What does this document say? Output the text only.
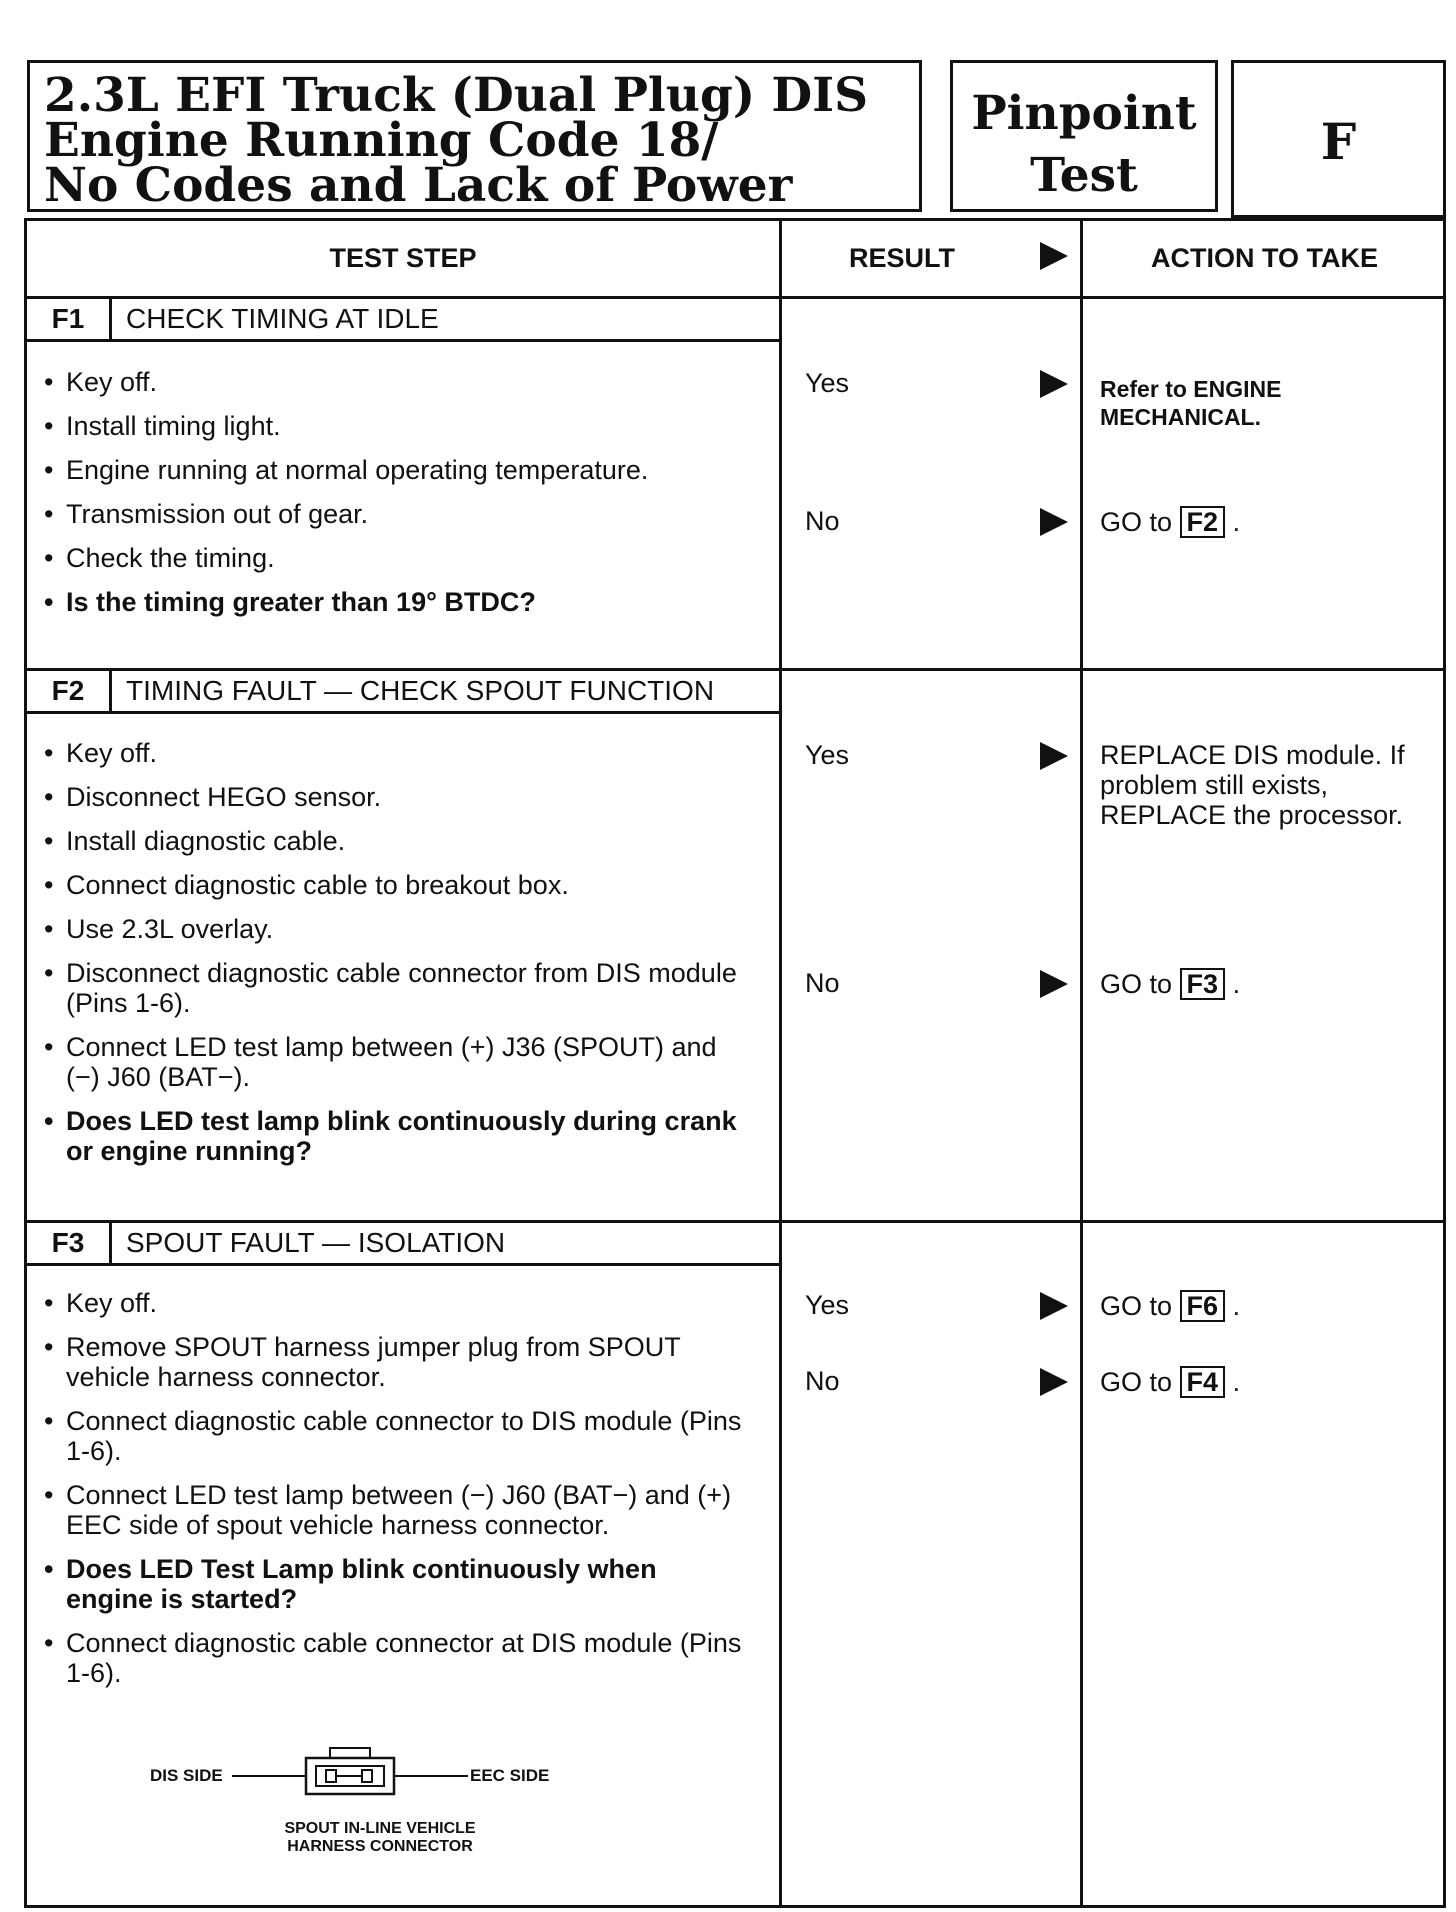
2.3L EFI Truck (Dual Plug) DIS
Engine Running Code 18/
No Codes and Lack of Power
Pinpoint
Test
F
TEST STEP	RESULT	ACTION TO TAKE
F1 CHECK TIMING AT IDLE
• Key off.
• Install timing light.
• Engine running at normal operating temperature.
• Transmission out of gear.
• Check the timing.
• Is the timing greater than 19° BTDC?
Yes	Refer to ENGINE MECHANICAL.
No	GO to F2 .
F2 TIMING FAULT — CHECK SPOUT FUNCTION
• Key off.
• Disconnect HEGO sensor.
• Install diagnostic cable.
• Connect diagnostic cable to breakout box.
• Use 2.3L overlay.
• Disconnect diagnostic cable connector from DIS module (Pins 1-6).
• Connect LED test lamp between (+) J36 (SPOUT) and (−) J60 (BAT−).
• Does LED test lamp blink continuously during crank or engine running?
Yes	REPLACE DIS module. If problem still exists, REPLACE the processor.
No	GO to F3 .
F3 SPOUT FAULT — ISOLATION
• Key off.
• Remove SPOUT harness jumper plug from SPOUT vehicle harness connector.
• Connect diagnostic cable connector to DIS module (Pins 1-6).
• Connect LED test lamp between (−) J60 (BAT−) and (+) EEC side of spout vehicle harness connector.
• Does LED Test Lamp blink continuously when engine is started?
• Connect diagnostic cable connector at DIS module (Pins 1-6).
Yes	GO to F6 .
No	GO to F4 .
DIS SIDE	EEC SIDE
SPOUT IN-LINE VEHICLE
HARNESS CONNECTOR
